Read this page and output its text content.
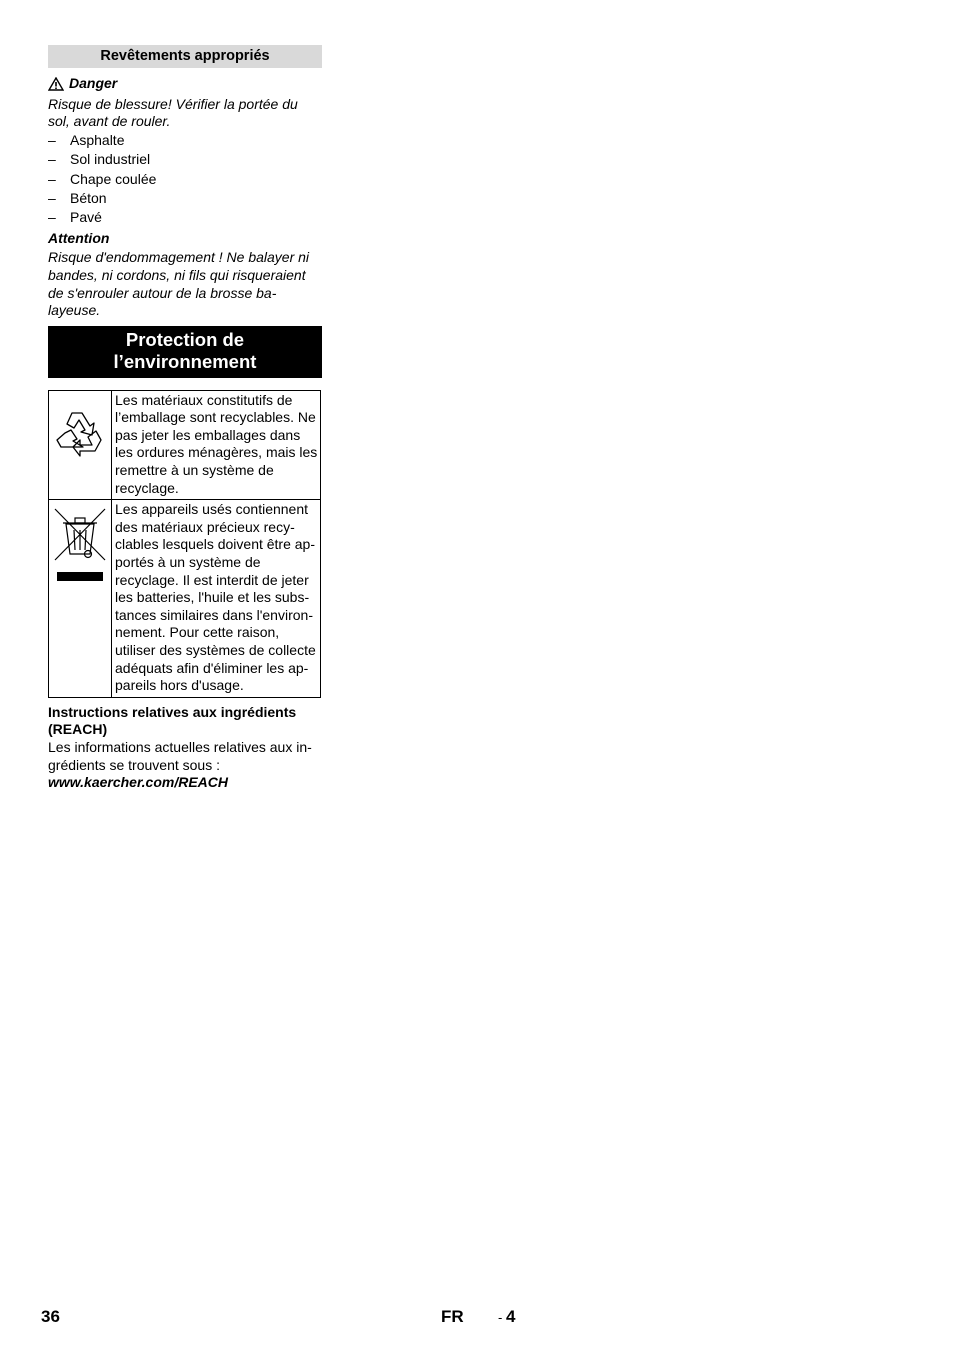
Revêtements appropriés
Danger
Risque de blessure! Vérifier la portée du sol, avant de rouler.
–	Asphalte
–	Sol industriel
–	Chape coulée
–	Béton
–	Pavé
Attention
Risque d'endommagement ! Ne balayer ni bandes, ni cordons, ni fils qui risqueraient de s'enrouler autour de la brosse ba-layeuse.
Protection de
l’environnement
	Les matériaux constitutifs de l’emballage sont recyclables. Ne pas jeter les emballages dans les ordures ménagères, mais les remettre à un système de recyclage.

	Les appareils usés contiennent des matériaux précieux recy-clables lesquels doivent être ap-portés à un système de recyclage. Il est interdit de jeter les batteries, l'huile et les subs-tances similaires dans l'environ-nement. Pour cette raison, utiliser des systèmes de collecte adéquats afin d'éliminer les ap-pareils hors d'usage.
Instructions relatives aux ingrédients (REACH)
Les informations actuelles relatives aux in-grédients se trouvent sous :
www.kaercher.com/REACH
36	FR	- 4
